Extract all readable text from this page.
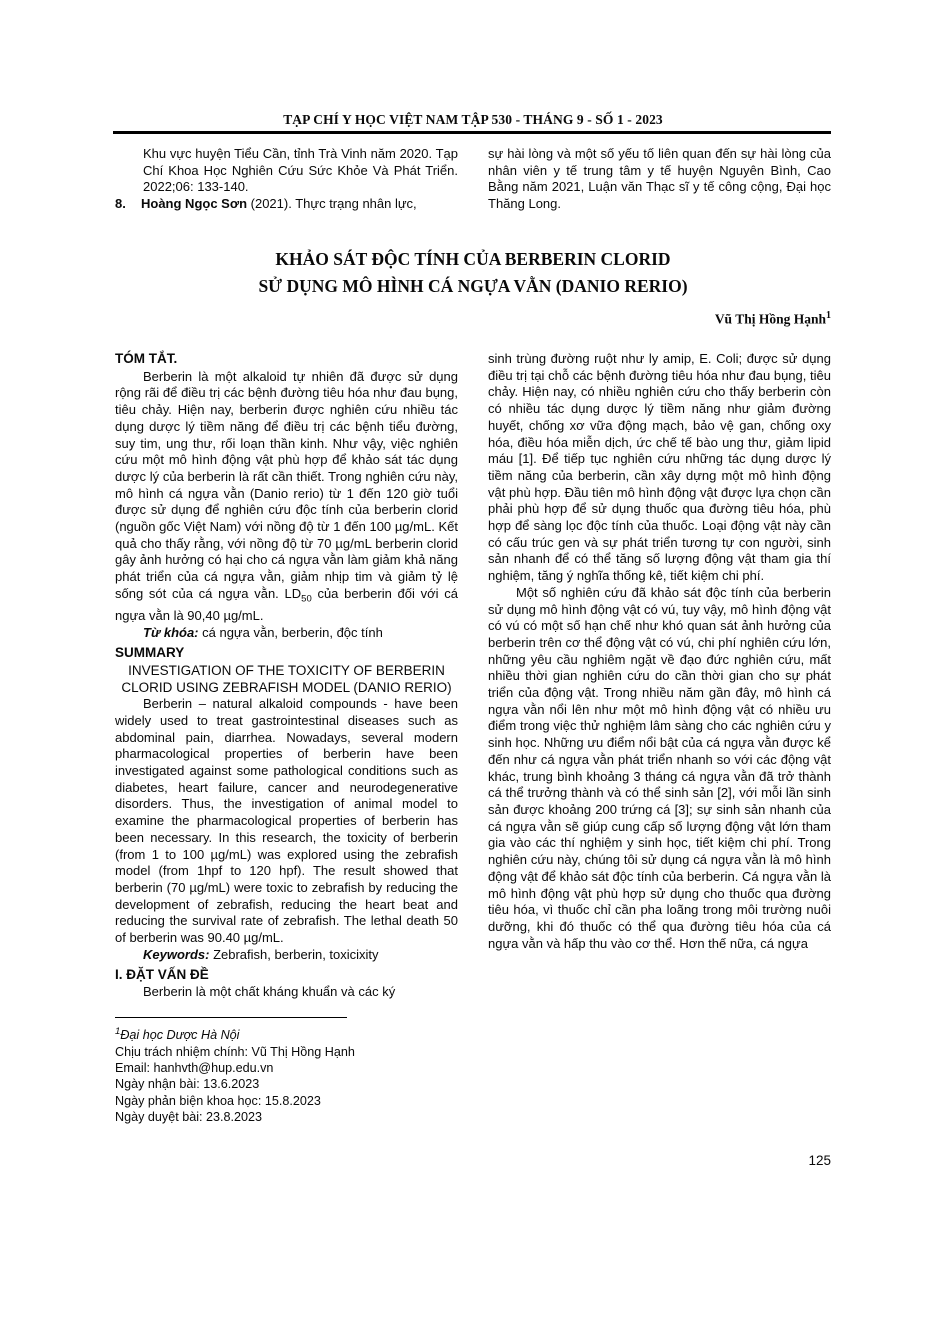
TẠP CHÍ Y HỌC VIỆT NAM TẬP 530 - THÁNG 9 - SỐ 1 - 2023
Khu vực huyện Tiểu Cần, tỉnh Trà Vinh năm 2020. Tạp Chí Khoa Học Nghiên Cứu Sức Khỏe Và Phát Triển. 2022;06: 133-140.
8. Hoàng Ngọc Sơn (2021). Thực trạng nhân lực,
sự hài lòng và một số yếu tố liên quan đến sự hài lòng của nhân viên y tế trung tâm y tế huyện Nguyên Bình, Cao Bằng năm 2021, Luận văn Thạc sĩ y tế công cộng, Đại học Thăng Long.
KHẢO SÁT ĐỘC TÍNH CỦA BERBERIN CLORID
SỬ DỤNG MÔ HÌNH CÁ NGỰA VẰN (DANIO RERIO)
Vũ Thị Hồng Hạnh$^1$
TÓM TẮT.

Berberin là một alkaloid tự nhiên đã được sử dụng rộng rãi để điều trị các bệnh đường tiêu hóa như đau bụng, tiêu chảy. Hiện nay, berberin được nghiên cứu nhiều tác dụng dược lý tiềm năng để điều trị các bệnh tiểu đường, suy tim, ung thư, rối loạn thần kinh. Như vậy, việc nghiên cứu một mô hình động vật phù hợp để khảo sát tác dụng dược lý của berberin là rất cần thiết. Trong nghiên cứu này, mô hình cá ngựa vằn (Danio rerio) từ 1 đến 120 giờ tuổi được sử dụng để nghiên cứu độc tính của berberin clorid (nguồn gốc Việt Nam) với nồng độ từ 1 đến 100 µg/mL. Kết quả cho thấy rằng, với nồng độ từ 70 µg/mL berberin clorid gây ảnh hưởng có hại cho cá ngựa vằn làm giảm khả năng phát triển của cá ngựa vằn, giảm nhịp tim và giảm tỷ lệ sống sót của cá ngựa vằn. $LD_{50}$ của berberin đối với cá ngựa vằn là 90,40 µg/mL.

Từ khóa: cá ngựa vằn, berberin, độc tính

SUMMARY

INVESTIGATION OF THE TOXICITY OF BERBERIN CLORID USING ZEBRAFISH MODEL (DANIO RERIO)

Berberin – natural alkaloid compounds - have been widely used to treat gastrointestinal diseases such as abdominal pain, diarrhea. Nowadays, several modern pharmacological properties of berberin have been investigated against some pathological conditions such as diabetes, heart failure, cancer and neurodegenerative disorders. Thus, the investigation of animal model to examine the pharmacological properties of berberin has been necessary. In this research, the toxicity of berberin (from 1 to 100 µg/mL) was explored using the zebrafish model (from 1hpf to 120 hpf). The result showed that berberin (70 µg/mL) were toxic to zebrafish by reducing the development of zebrafish, reducing the heart beat and reducing the survival rate of zebrafish. The lethal death 50 of berberin was 90.40 µg/mL.

Keywords: Zebrafish, berberin, toxicixity

I. ĐẶT VẤN ĐỀ

Berberin là một chất kháng khuẩn và các ký

$^1$Đại học Dược Hà Nội
Chịu trách nhiệm chính: Vũ Thị Hồng Hạnh
Email: hanhvth@hup.edu.vn
Ngày nhận bài: 13.6.2023
Ngày phản biện khoa học: 15.8.2023
Ngày duyệt bài: 23.8.2023

sinh trùng đường ruột như ly amip, E. Coli; được sử dụng điều trị tại chỗ các bệnh đường tiêu hóa như đau bụng, tiêu chảy. Hiện nay, có nhiều nghiên cứu cho thấy berberin còn có nhiều tác dụng dược lý tiềm năng như giảm đường huyết, chống xơ vữa động mạch, bảo vệ gan, chống oxy hóa, điều hóa miễn dịch, ức chế tế bào ung thư, giảm lipid máu [1]. Để tiếp tục nghiên cứu những tác dụng dược lý tiềm năng của berberin, cần xây dựng một mô hình động vật phù hợp. Đầu tiên mô hình động vật được lựa chọn cần phải phù hợp để sử dụng thuốc qua đường tiêu hóa, phù hợp để sàng lọc độc tính của thuốc. Loại động vật này cần có cấu trúc gen và sự phát triển tương tự con người, sinh sản nhanh để có thể tăng số lượng động vật tham gia thí nghiệm, tăng ý nghĩa thống kê, tiết kiệm chi phí.

Một số nghiên cứu đã khảo sát độc tính của berberin sử dụng mô hình động vật có vú, tuy vậy, mô hình động vật có vú có một số hạn chế như khó quan sát ảnh hưởng của berberin trên cơ thể động vật có vú, chi phí nghiên cứu lớn, những yêu cầu nghiêm ngặt về đạo đức nghiên cứu, mất nhiều thời gian nghiên cứu do cần thời gian cho sự phát triển của động vật. Trong nhiều năm gần đây, mô hình cá ngựa vằn nổi lên như một mô hình động vật có nhiều ưu điểm trong việc thử nghiệm lâm sàng cho các nghiên cứu y sinh học. Những ưu điểm nổi bật của cá ngựa vằn được kể đến như cá ngựa vằn phát triển nhanh so với các động vật khác, trung bình khoảng 3 tháng cá ngựa vằn đã trở thành cá thể trưởng thành và có thể sinh sản [2], với mỗi lần sinh sản được khoảng 200 trứng cá [3]; sự sinh sản nhanh của cá ngựa vằn sẽ giúp cung cấp số lượng động vật lớn tham gia vào các thí nghiệm y sinh học, tiết kiệm chi phí. Trong nghiên cứu này, chúng tôi sử dụng cá ngựa vằn là mô hình động vật để khảo sát độc tính của berberin. Cá ngựa vằn là mô hình động vật phù hợp sử dụng cho thuốc qua đường tiêu hóa, vì thuốc chỉ cần pha loãng trong môi trường nuôi dưỡng, khi đó thuốc có thể qua đường tiêu hóa của cá ngựa vằn và hấp thu vào cơ thể. Hơn thế nữa, cá ngựa

125
